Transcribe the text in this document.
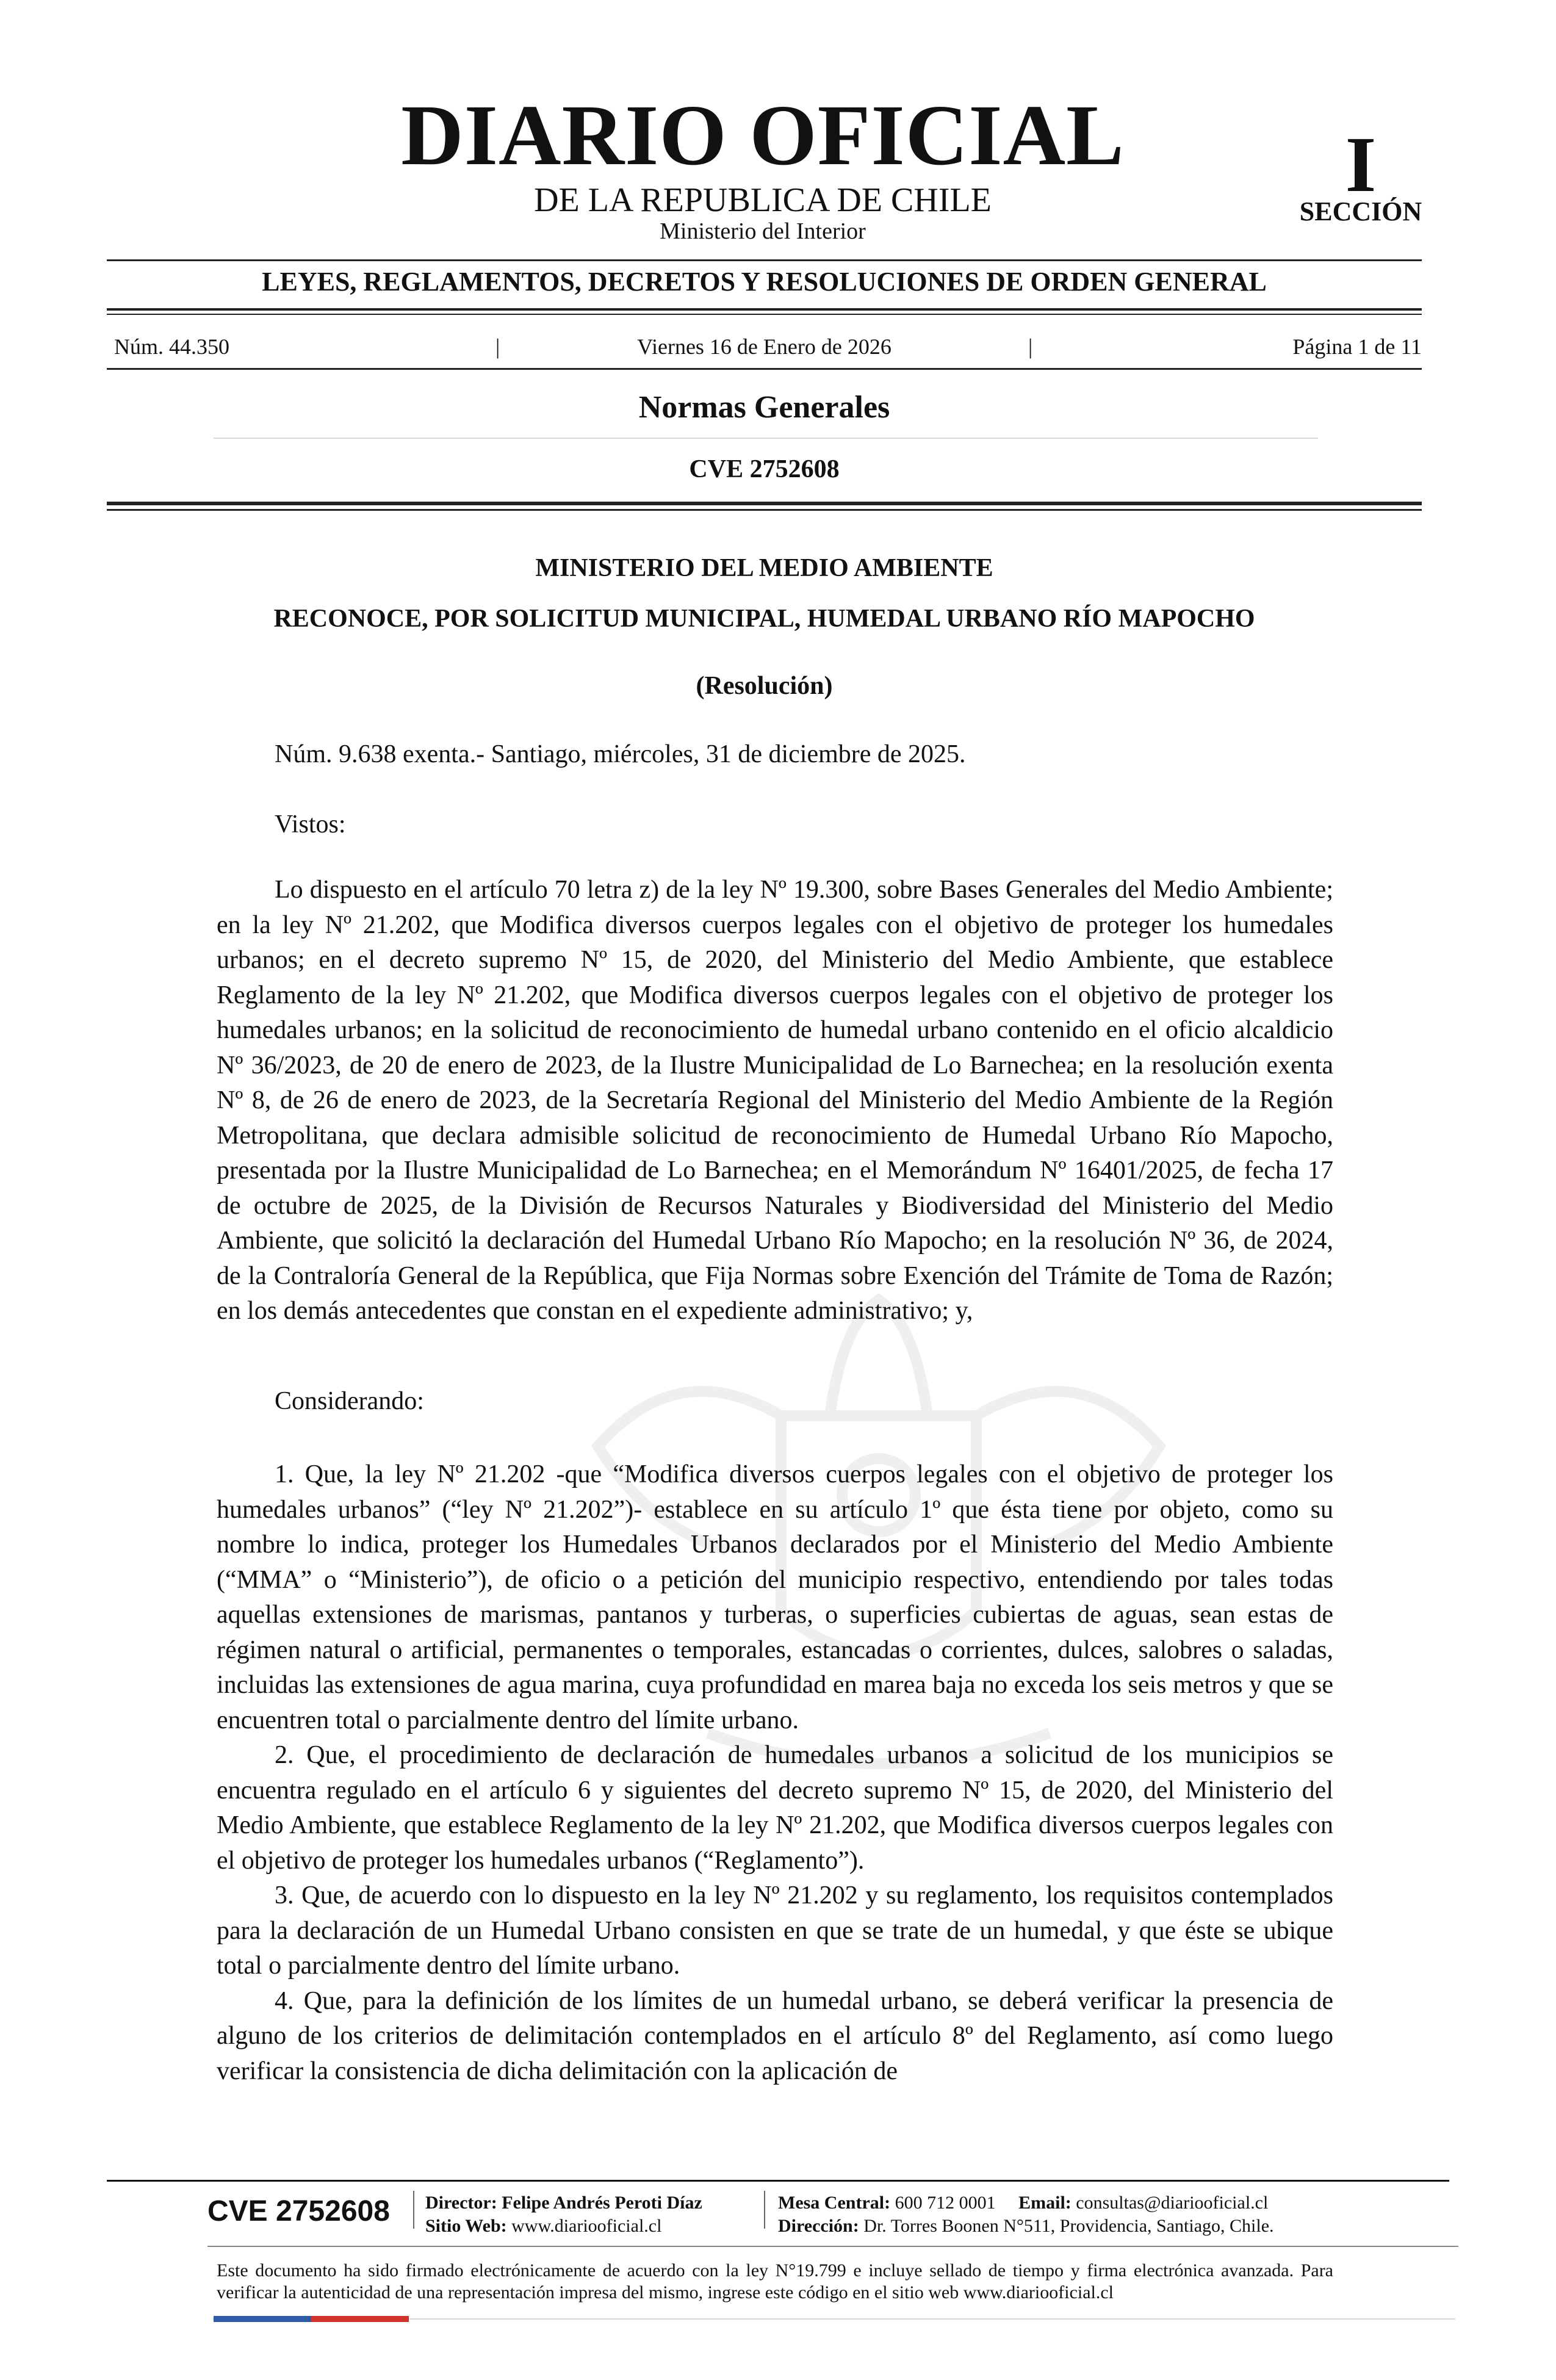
DIARIO OFICIAL
DE LA REPUBLICA DE CHILE
Ministerio del Interior
I
SECCIÓN
LEYES, REGLAMENTOS, DECRETOS Y RESOLUCIONES DE ORDEN GENERAL
Núm. 44.350	|	Viernes 16 de Enero de 2026	|	Página 1 de 11
Normas Generales
CVE 2752608
MINISTERIO DEL MEDIO AMBIENTE
RECONOCE, POR SOLICITUD MUNICIPAL, HUMEDAL URBANO RÍO MAPOCHO
(Resolución)
Núm. 9.638 exenta.- Santiago, miércoles, 31 de diciembre de 2025.
Vistos:

Lo dispuesto en el artículo 70 letra z) de la ley Nº 19.300, sobre Bases Generales del Medio Ambiente; en la ley Nº 21.202, que Modifica diversos cuerpos legales con el objetivo de proteger los humedales urbanos; en el decreto supremo Nº 15, de 2020, del Ministerio del Medio Ambiente, que establece Reglamento de la ley Nº 21.202, que Modifica diversos cuerpos legales con el objetivo de proteger los humedales urbanos; en la solicitud de reconocimiento de humedal urbano contenido en el oficio alcaldicio Nº 36/2023, de 20 de enero de 2023, de la Ilustre Municipalidad de Lo Barnechea; en la resolución exenta Nº 8, de 26 de enero de 2023, de la Secretaría Regional del Ministerio del Medio Ambiente de la Región Metropolitana, que declara admisible solicitud de reconocimiento de Humedal Urbano Río Mapocho, presentada por la Ilustre Municipalidad de Lo Barnechea; en el Memorándum Nº 16401/2025, de fecha 17 de octubre de 2025, de la División de Recursos Naturales y Biodiversidad del Ministerio del Medio Ambiente, que solicitó la declaración del Humedal Urbano Río Mapocho; en la resolución Nº 36, de 2024, de la Contraloría General de la República, que Fija Normas sobre Exención del Trámite de Toma de Razón; en los demás antecedentes que constan en el expediente administrativo; y,

Considerando:

1. Que, la ley Nº 21.202 -que “Modifica diversos cuerpos legales con el objetivo de proteger los humedales urbanos” (“ley Nº 21.202”)- establece en su artículo 1º que ésta tiene por objeto, como su nombre lo indica, proteger los Humedales Urbanos declarados por el Ministerio del Medio Ambiente (“MMA” o “Ministerio”), de oficio o a petición del municipio respectivo, entendiendo por tales todas aquellas extensiones de marismas, pantanos y turberas, o superficies cubiertas de aguas, sean estas de régimen natural o artificial, permanentes o temporales, estancadas o corrientes, dulces, salobres o saladas, incluidas las extensiones de agua marina, cuya profundidad en marea baja no exceda los seis metros y que se encuentren total o parcialmente dentro del límite urbano.

2. Que, el procedimiento de declaración de humedales urbanos a solicitud de los municipios se encuentra regulado en el artículo 6 y siguientes del decreto supremo Nº 15, de 2020, del Ministerio del Medio Ambiente, que establece Reglamento de la ley Nº 21.202, que Modifica diversos cuerpos legales con el objetivo de proteger los humedales urbanos (“Reglamento”).

3. Que, de acuerdo con lo dispuesto en la ley Nº 21.202 y su reglamento, los requisitos contemplados para la declaración de un Humedal Urbano consisten en que se trate de un humedal, y que éste se ubique total o parcialmente dentro del límite urbano.

4. Que, para la definición de los límites de un humedal urbano, se deberá verificar la presencia de alguno de los criterios de delimitación contemplados en el artículo 8º del Reglamento, así como luego verificar la consistencia de dicha delimitación con la aplicación de

CVE 2752608 Director: Felipe Andrés Peroti Díaz
Sitio Web: www.diariooficial.cl
Mesa Central: 600 712 0001 Email: consultas@diariooficial.cl
Dirección: Dr. Torres Boonen N°511, Providencia, Santiago, Chile.
Este documento ha sido firmado electrónicamente de acuerdo con la ley N°19.799 e incluye sellado de tiempo y firma electrónica avanzada. Para verificar la autenticidad de una representación impresa del mismo, ingrese este código en el sitio web www.diariooficial.cl
